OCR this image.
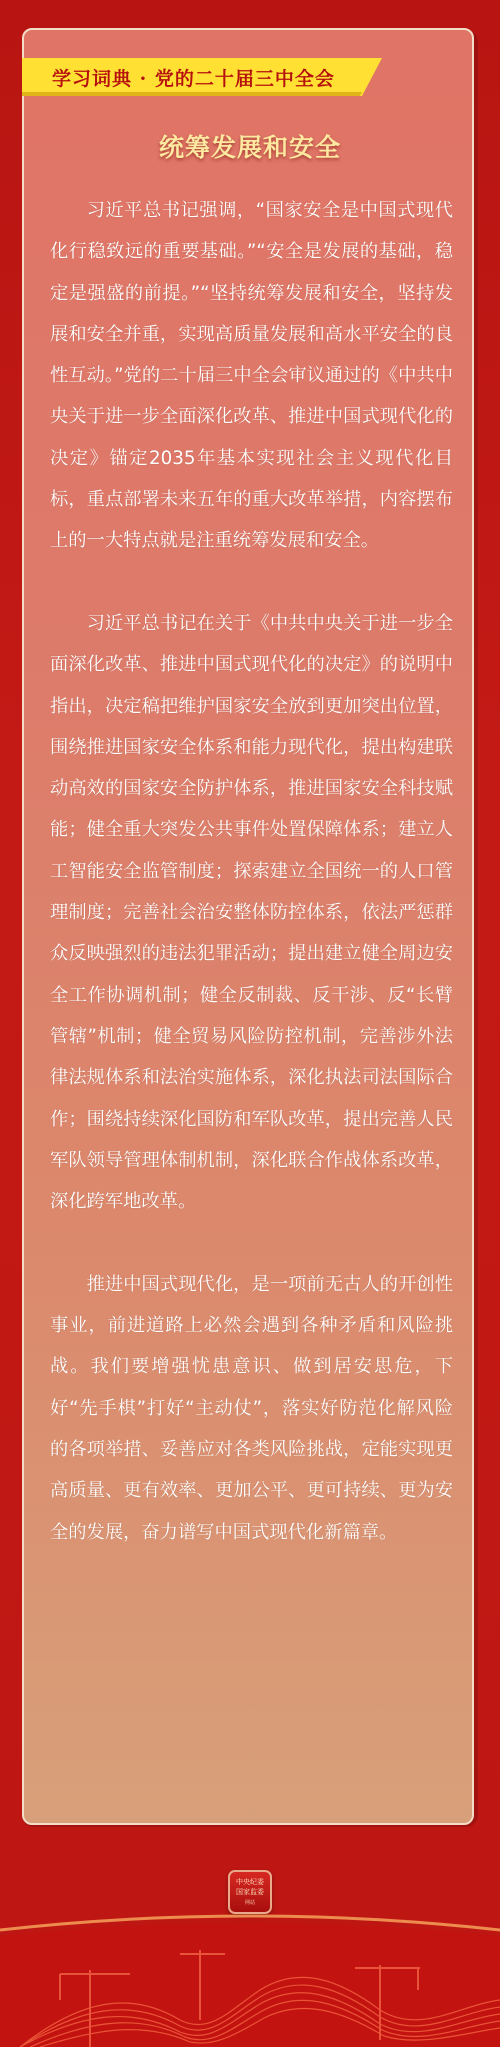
学习词典 · 党的二十届三中全会
统筹发展和安全

习近平总书记强调，“国家安全是中国式现代化行稳致远的重要基础。”“安全是发展的基础，稳定是强盛的前提。”“坚持统筹发展和安全，坚持发展和安全并重，实现高质量发展和高水平安全的良性互动。”党的二十届三中全会审议通过的《中共中央关于进一步全面深化改革、推进中国式现代化的决定》锚定2035年基本实现社会主义现代化目标，重点部署未来五年的重大改革举措，内容摆布上的一大特点就是注重统筹发展和安全。

习近平总书记在关于《中共中央关于进一步全面深化改革、推进中国式现代化的决定》的说明中指出，决定稿把维护国家安全放到更加突出位置，围绕推进国家安全体系和能力现代化，提出构建联动高效的国家安全防护体系，推进国家安全科技赋能；健全重大突发公共事件处置保障体系；建立人工智能安全监管制度；探索建立全国统一的人口管理制度；完善社会治安整体防控体系，依法严惩群众反映强烈的违法犯罪活动；提出建立健全周边安全工作协调机制；健全反制裁、反干涉、反“长臂管辖”机制；健全贸易风险防控机制，完善涉外法律法规体系和法治实施体系，深化执法司法国际合作；围绕持续深化国防和军队改革，提出完善人民军队领导管理体制机制，深化联合作战体系改革，深化跨军地改革。

推进中国式现代化，是一项前无古人的开创性事业，前进道路上必然会遇到各种矛盾和风险挑战。我们要增强忧患意识、做到居安思危，下好“先手棋”打好“主动仗”，落实好防范化解风险的各项举措、妥善应对各类风险挑战，定能实现更高质量、更有效率、更加公平、更可持续、更为安全的发展，奋力谱写中国式现代化新篇章。

中央纪委
国家监委
网站
